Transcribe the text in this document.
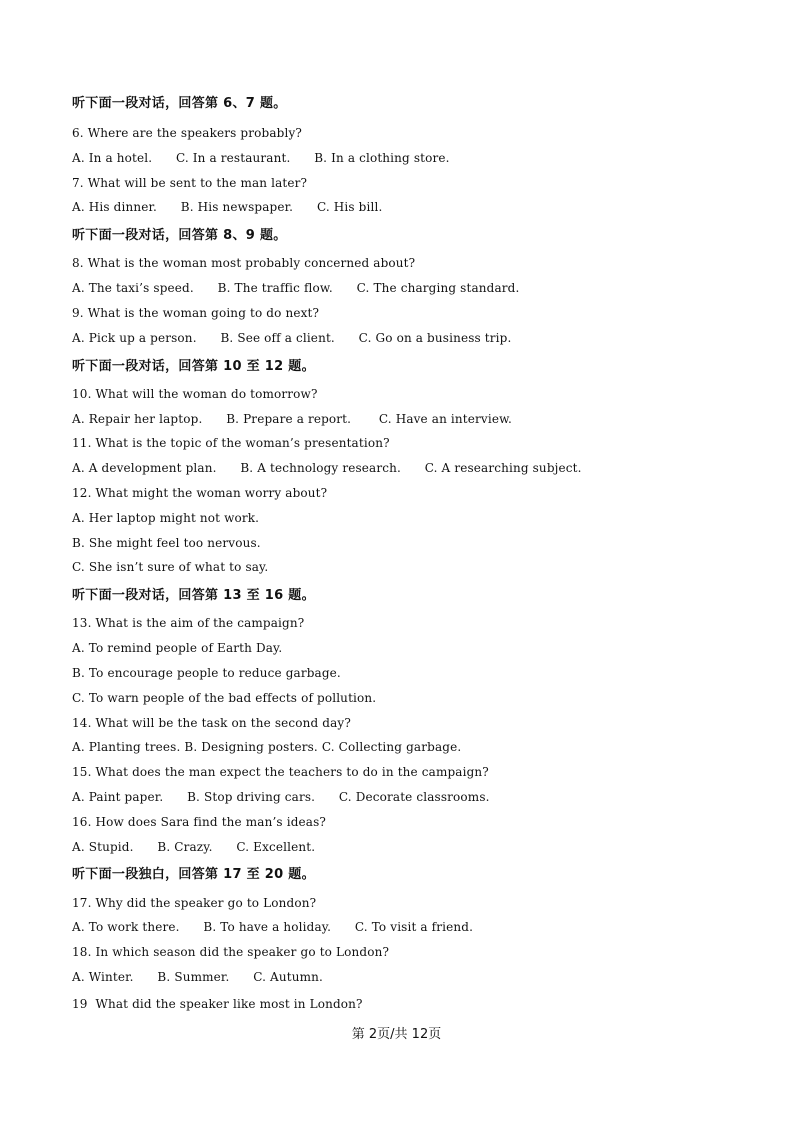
听下面一段对话，回答第 6、7 题。
6. Where are the speakers probably?
A. In a hotel.      C. In a restaurant.      B. In a clothing store.
7. What will be sent to the man later?
A. His dinner.      B. His newspaper.      C. His bill.
听下面一段对话，回答第 8、9 题。
8. What is the woman most probably concerned about?
A. The taxi’s speed.      B. The traffic flow.      C. The charging standard.
9. What is the woman going to do next?
A. Pick up a person.      B. See off a client.      C. Go on a business trip.
听下面一段对话，回答第 10 至 12 题。
10. What will the woman do tomorrow?
A. Repair her laptop.      B. Prepare a report.       C. Have an interview.
11. What is the topic of the woman’s presentation?
A. A development plan.      B. A technology research.      C. A researching subject.
12. What might the woman worry about?
A. Her laptop might not work.
B. She might feel too nervous.
C. She isn’t sure of what to say.
听下面一段对话，回答第 13 至 16 题。
13. What is the aim of the campaign?
A. To remind people of Earth Day.
B. To encourage people to reduce garbage.
C. To warn people of the bad effects of pollution.
14. What will be the task on the second day?
A. Planting trees. B. Designing posters. C. Collecting garbage.
15. What does the man expect the teachers to do in the campaign?
A. Paint paper.      B. Stop driving cars.      C. Decorate classrooms.
16. How does Sara find the man’s ideas?
A. Stupid.      B. Crazy.      C. Excellent.
听下面一段独白，回答第 17 至 20 题。
17. Why did the speaker go to London?
A. To work there.      B. To have a holiday.      C. To visit a friend.
18. In which season did the speaker go to London?
A. Winter.      B. Summer.      C. Autumn.
19  What did the speaker like most in London?
第 2页/共 12页
